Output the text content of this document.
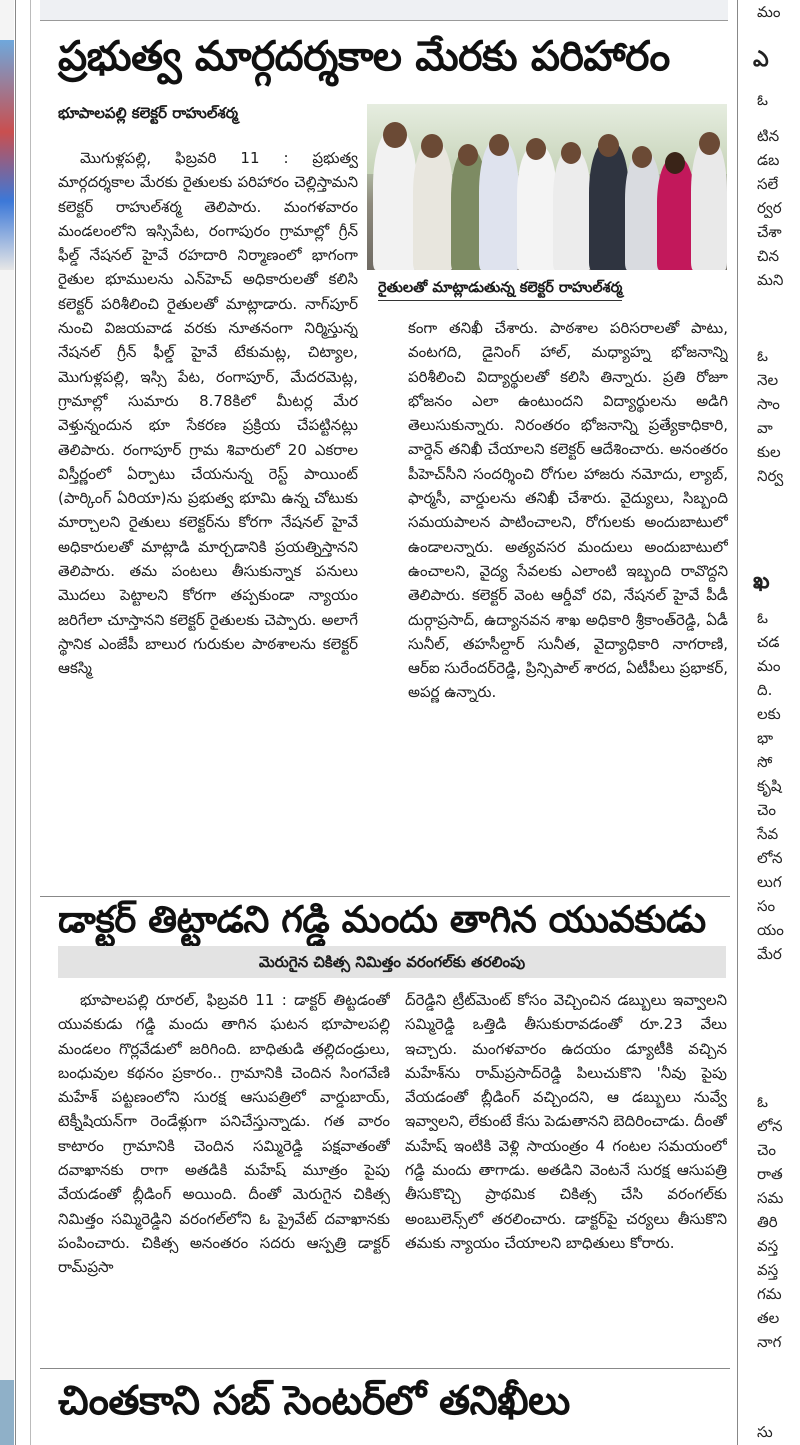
ప్రభుత్వ మార్గదర్శకాల మేరకు పరిహారం
భూపాలపల్లి కలెక్టర్ రాహుల్‌శర్మ
రైతులతో మాట్లాడుతున్న కలెక్టర్ రాహుల్‌శర్మ

మొగుళ్లపల్లి, ఫిబ్రవరి 11 : ప్రభుత్వ మార్గదర్శకాల మేరకు రైతులకు పరిహారం చెల్లిస్తామని కలెక్టర్ రాహుల్‌శర్మ తెలిపారు. మంగళవారం మండలంలోని ఇస్సిపేట, రంగాపురం గ్రామాల్లో గ్రీన్ ఫీల్డ్ నేషనల్ హైవే రహదారి నిర్మాణంలో భాగంగా రైతుల భూములను ఎన్‌హెచ్ అధికారులతో కలిసి కలెక్టర్ పరిశీలించి రైతులతో మాట్లాడారు. నాగ్‌పూర్ నుంచి విజయవాడ వరకు నూతనంగా నిర్మిస్తున్న నేషనల్ గ్రీన్ ఫీల్డ్ హైవే టేకుమట్ల, చిట్యాల, మొగుళ్లపల్లి, ఇస్సి పేట, రంగాపూర్, మేదరమెట్ల, గ్రామాల్లో సుమారు 8.78కిలో మీటర్ల మేర వెళ్తున్నందున భూ సేకరణ ప్రక్రియ చేపట్టినట్లు తెలిపారు. రంగాపూర్ గ్రామ శివారులో 20 ఎకరాల విస్తీర్ణంలో ఏర్పాటు చేయనున్న రెస్ట్ పాయింట్ (పార్కింగ్ ఏరియా)ను ప్రభుత్వ భూమి ఉన్న చోటుకు మార్చాలని రైతులు కలెక్టర్‌ను కోరగా నేషనల్ హైవే అధికారులతో మాట్లాడి మార్చడానికి ప్రయత్నిస్తానని తెలిపారు. తమ పంటలు తీసుకున్నాక పనులు మొదలు పెట్టాలని కోరగా తప్పకుండా న్యాయం జరిగేలా చూస్తానని కలెక్టర్ రైతులకు చెప్పారు. అలాగే స్థానిక ఎంజేపీ బాలుర గురుకుల పాఠశాలను కలెక్టర్ ఆకస్మి

కంగా తనిఖీ చేశారు. పాఠశాల పరిసరాలతో పాటు, వంటగది, డైనింగ్ హాల్, మధ్యాహ్న భోజనాన్ని పరిశీలించి విద్యార్థులతో కలిసి తిన్నారు. ప్రతి రోజూ భోజనం ఎలా ఉంటుందని విద్యార్థులను అడిగి తెలుసుకున్నారు. నిరంతరం భోజనాన్ని ప్రత్యేకాధికారి, వార్డెన్ తనిఖీ చేయాలని కలెక్టర్ ఆదేశించారు. అనంతరం పీహెచ్‌సీని సందర్శించి రోగుల హాజరు నమోదు, ల్యాబ్, ఫార్మసీ, వార్డులను తనిఖీ చేశారు. వైద్యులు, సిబ్బంది సమయపాలన పాటించాలని, రోగులకు అందుబాటులో ఉండాలన్నారు. అత్యవసర మందులు అందుబాటులో ఉంచాలని, వైద్య సేవలకు ఎలాంటి ఇబ్బంది రావొద్దని తెలిపారు. కలెక్టర్ వెంట ఆర్డీవో రవి, నేషనల్ హైవే పీడీ దుర్గాప్రసాద్, ఉద్యానవన శాఖ అధికారి శ్రీకాంత్‌రెడ్డి, ఏడీ సునీల్, తహసీల్దార్ సునీత, వైద్యాధికారి నాగరాణి, ఆర్‌ఐ సురేందర్‌రెడ్డి, ప్రిన్సిపాల్ శారద, ఏటీపీలు ప్రభాకర్, అపర్ణ ఉన్నారు.

డాక్టర్ తిట్టాడని గడ్డి మందు తాగిన యువకుడు
మెరుగైన చికిత్స నిమిత్తం వరంగల్‌కు తరలింపు

భూపాలపల్లి రూరల్, ఫిబ్రవరి 11 : డాక్టర్ తిట్టడంతో యువకుడు గడ్డి మందు తాగిన ఘటన భూపాలపల్లి మండలం గొర్లవేడులో జరిగింది. బాధితుడి తల్లిదండ్రులు, బంధువుల కథనం ప్రకారం.. గ్రామానికి చెందిన సింగవేణి మహేశ్ పట్టణంలోని సురక్ష ఆసుపత్రిలో వార్డుబాయ్, టెక్నీషియన్‌గా రెండేళ్లుగా పనిచేస్తున్నాడు. గత వారం కాటారం గ్రామానికి చెందిన సమ్మిరెడ్డి పక్షవాతంతో దవాఖానకు రాగా అతడికి మహేష్ మూత్రం పైపు వేయడంతో బ్లీడింగ్ అయింది. దీంతో మెరుగైన చికిత్స నిమిత్తం సమ్మిరెడ్డిని వరంగల్‌లోని ఓ ప్రైవేట్ దవాఖానకు పంపించారు. చికిత్స అనంతరం సదరు ఆస్పత్రి డాక్టర్ రామ్‌ప్రసా

ద్‌రెడ్డిని ట్రీట్‌మెంట్ కోసం వెచ్చించిన డబ్బులు ఇవ్వాలని సమ్మిరెడ్డి ఒత్తిడి తీసుకురావడంతో రూ.23 వేలు ఇచ్చారు. మంగళవారం ఉదయం డ్యూటీకి వచ్చిన మహేశ్‌ను రామ్‌ప్రసాద్‌రెడ్డి పిలుచుకొని 'నీవు పైపు వేయడంతో బ్లీడింగ్ వచ్చిందని, ఆ డబ్బులు నువ్వే ఇవ్వాలని, లేకుంటే కేసు పెడుతానని బెదిరించాడు. దీంతో మహేష్ ఇంటికి వెళ్లి సాయంత్రం 4 గంటల సమయంలో గడ్డి మందు తాగాడు. అతడిని వెంటనే సురక్ష ఆసుపత్రి తీసుకొచ్చి ప్రాథమిక చికిత్స చేసి వరంగల్‌కు అంబులెన్స్‌లో తరలించారు. డాక్టర్‌పై చర్యలు తీసుకొని తమకు న్యాయం చేయాలని బాధితులు కోరారు.

చింతకాని సబ్ సెంటర్‌లో తనిఖీలు
మం
ఎ
ఓ
టిన
డబ
సలే
ర్వర
చేశా
చిన
మని
ఓ
నెల
సాం
వా
కుల
నిర్వ
ఖ
ఓ
చడ
మం
ది.
లకు
భా
సో
కృషి
చెం
సేవ
లోన
లుగ
సం
యం
మేర
ఓ
లోన
చెం
రాత
సమ
తిరి
వస్త
వస్త
గమ
తల
నాగ
సు
